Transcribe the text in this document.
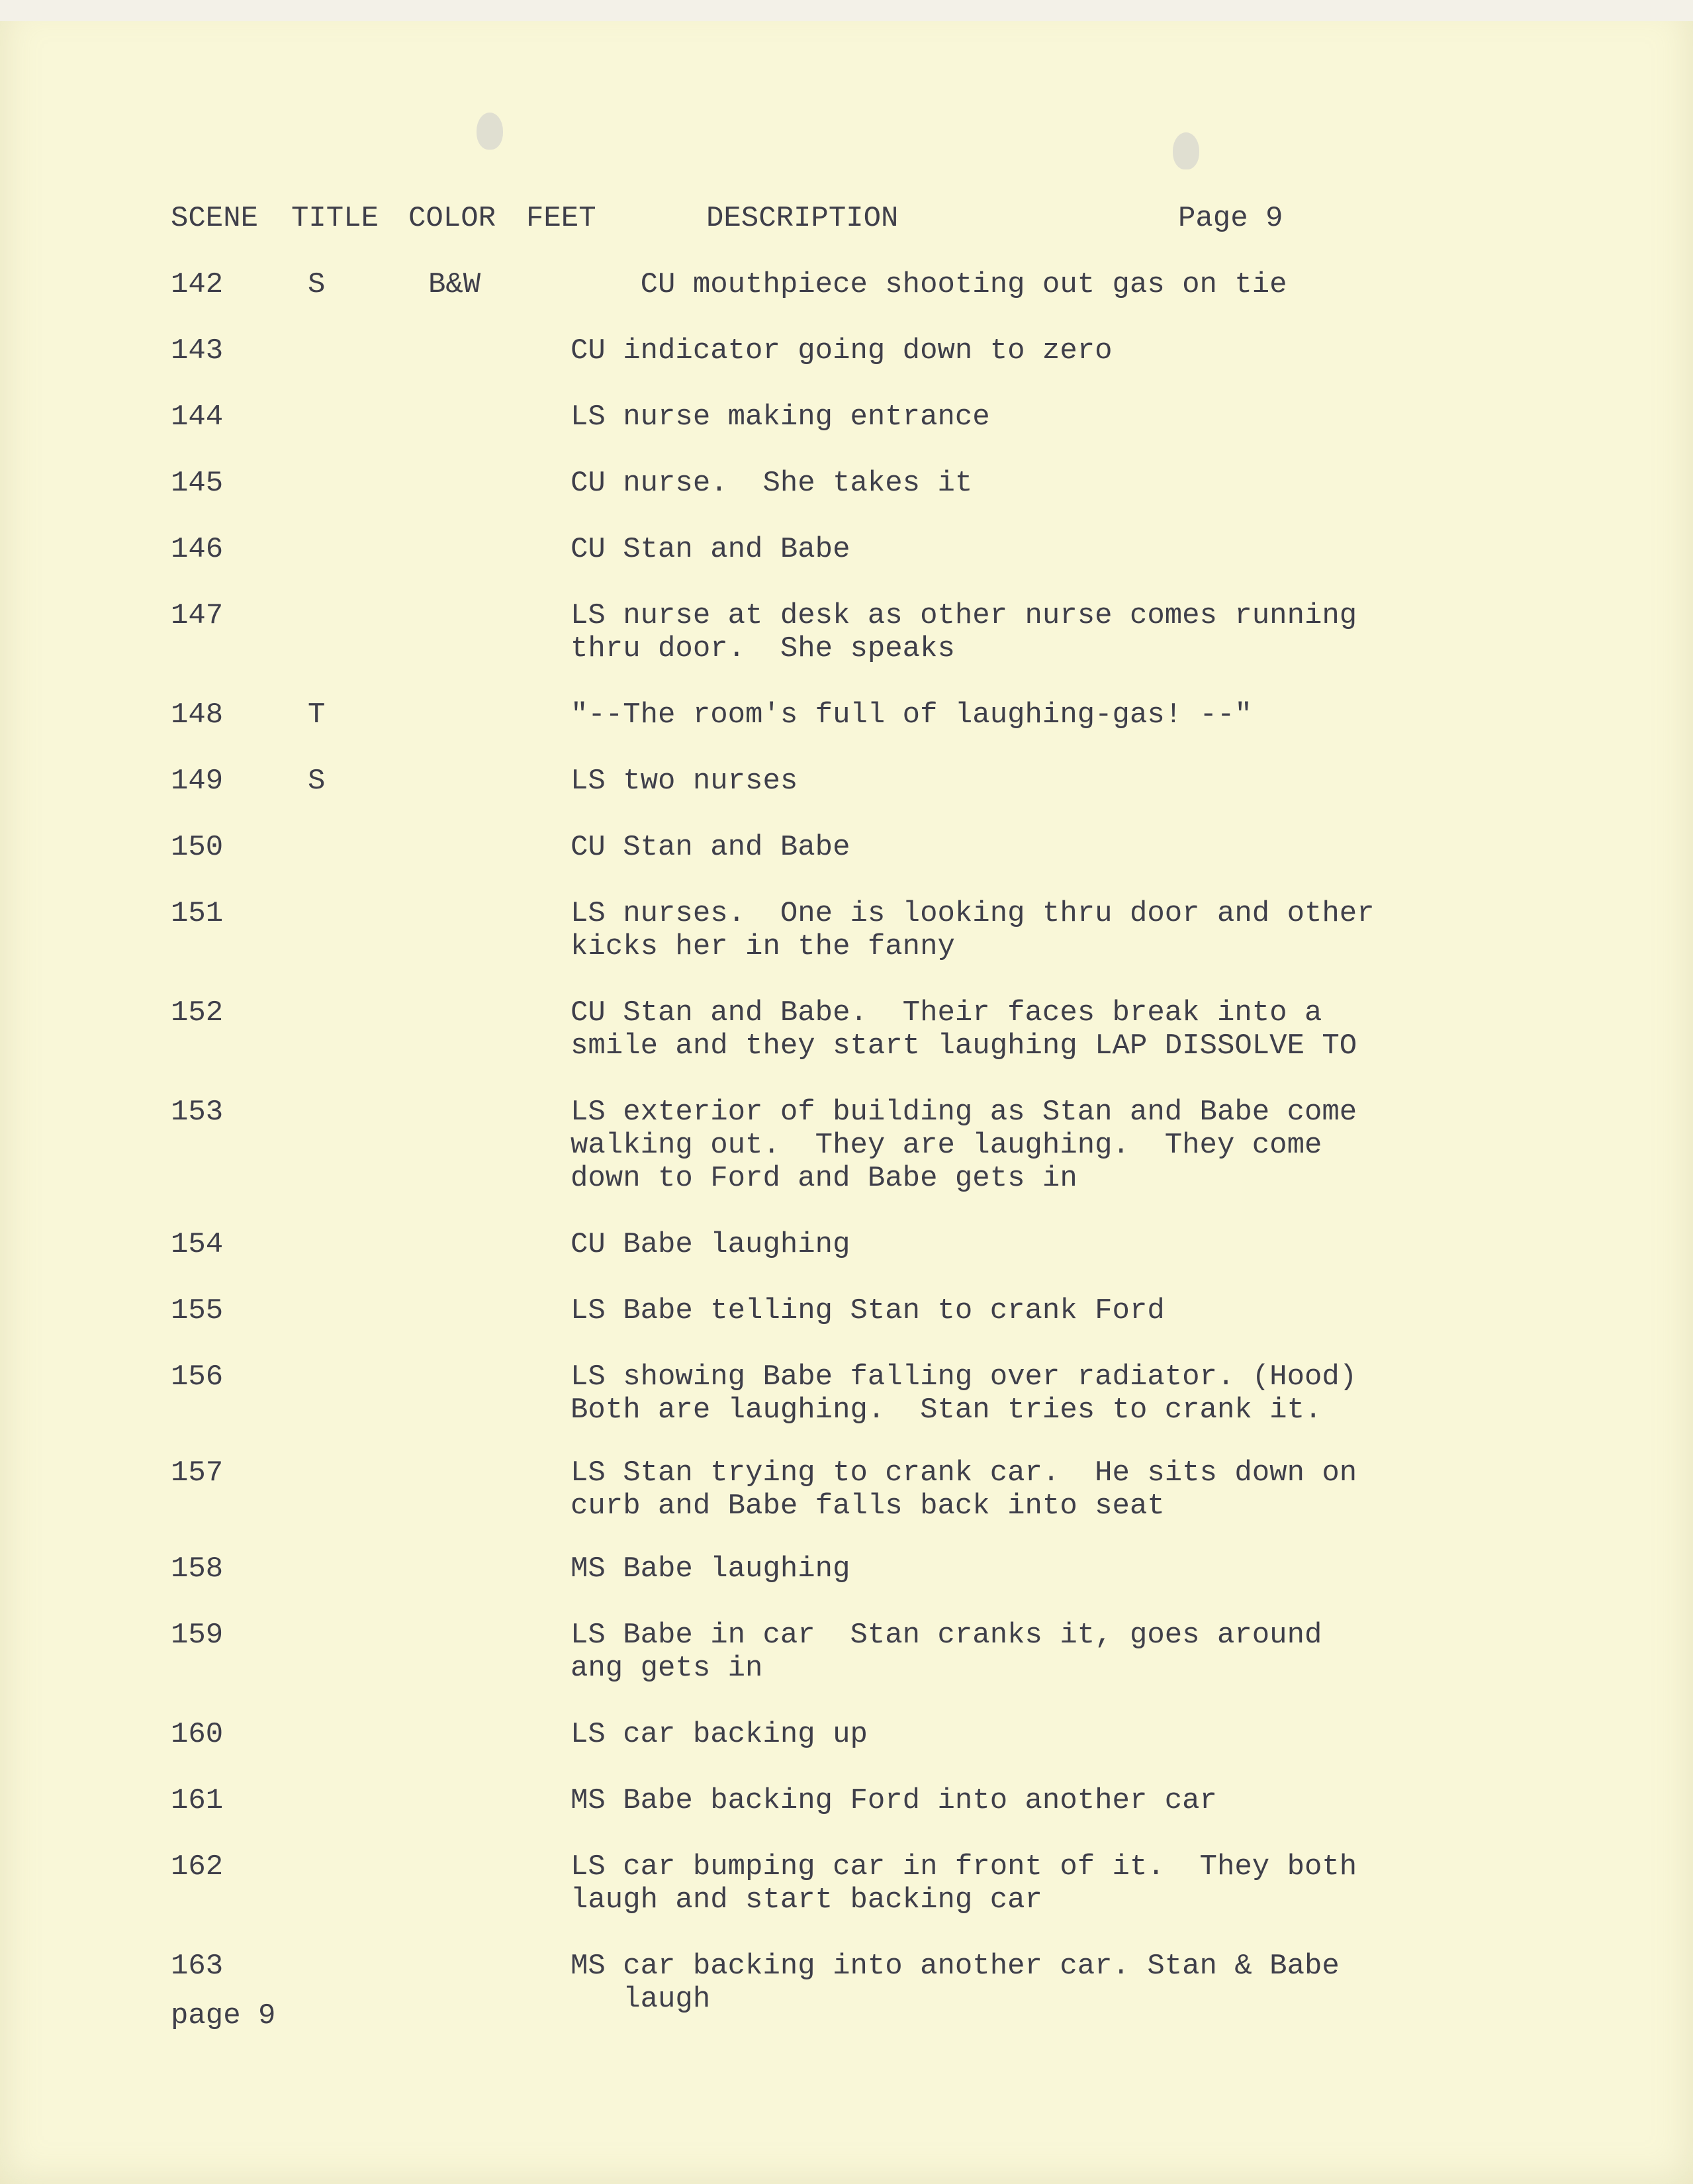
SCENE TITLE COLOR FEET	DESCRIPTION	Page 9
142	S	B&W	CU mouthpiece shooting out gas on tie
143	CU indicator going down to zero
144	LS nurse making entrance
145	CU nurse.  She takes it
146	CU Stan and Babe
147	LS nurse at desk as other nurse comes running
thru door.  She speaks
148	T	"--The room's full of laughing-gas! --"
149	S	LS two nurses
150	CU Stan and Babe
151	LS nurses.  One is looking thru door and other
kicks her in the fanny
152	CU Stan and Babe.  Their faces break into a
smile and they start laughing LAP DISSOLVE TO
153	LS exterior of building as Stan and Babe come
walking out.  They are laughing.  They come
down to Ford and Babe gets in
154	CU Babe laughing
155	LS Babe telling Stan to crank Ford
156	LS showing Babe falling over radiator. (Hood)
Both are laughing.  Stan tries to crank it.
157	LS Stan trying to crank car.  He sits down on
curb and Babe falls back into seat
158	MS Babe laughing
159	LS Babe in car  Stan cranks it, goes around
ang gets in
160	LS car backing up
161	MS Babe backing Ford into another car
162	LS car bumping car in front of it.  They both
laugh and start backing car
163	MS car backing into another car. Stan & Babe
laugh
page 9
